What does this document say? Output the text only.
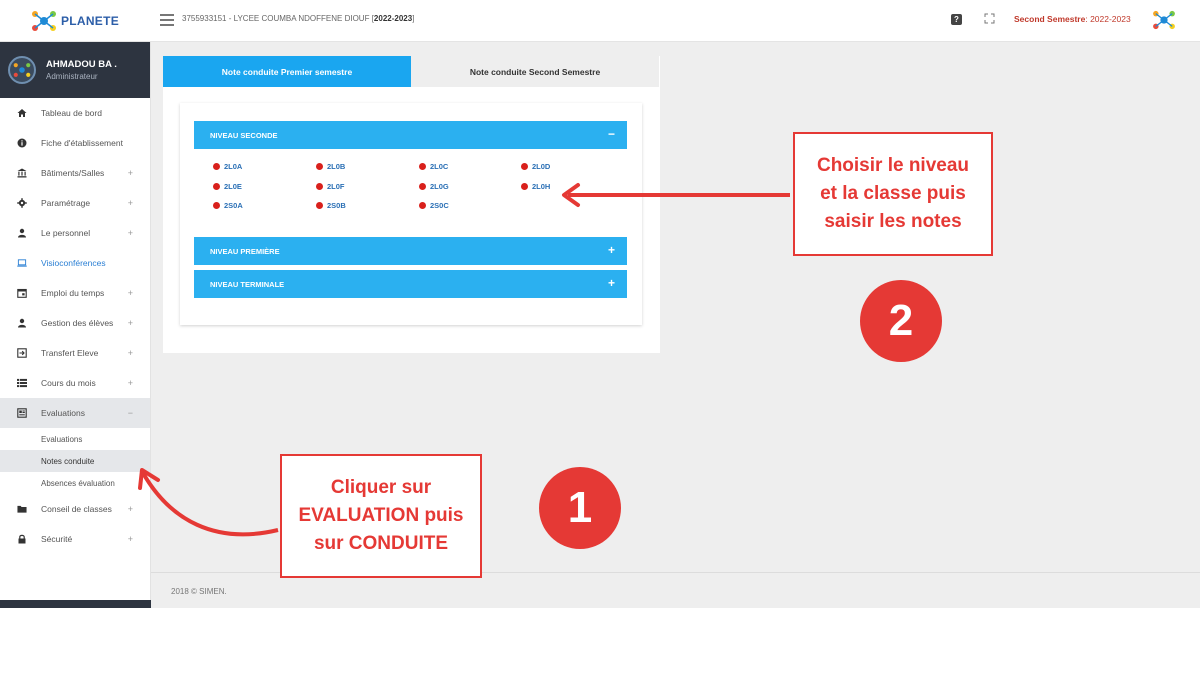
PLANETE	3755933151 - LYCEE COUMBA NDOFFENE DIOUF [2022-2023]	?	Second Semestre: 2022-2023
AHMADOU BA .
Administrateur
Tableau de bord
Fiche d'établissement
Bâtiments/Salles	+
Paramétrage	+
Le personnel	+
Visioconférences
Emploi du temps	+
Gestion des élèves +
Transfert Eleve	+
Cours du mois	+
Evaluations	−
Evaluations
Notes conduite
Absences évaluation
Conseil de classes +
Sécurité	+
Note conduite Premier semestre	Note conduite Second Semestre
NIVEAU SECONDE	−
NIVEAU PREMIÈRE	+
NIVEAU TERMINALE	+
2L0A	2L0B	2L0C	2L0D
2L0E	2L0F	2L0G	2L0H
2S0A	2S0B	2S0C
2018 © SIMEN.
Choisir le niveau
et la classe puis
saisir les notes
Cliquer sur
EVALUATION puis
sur CONDUITE
1
2
